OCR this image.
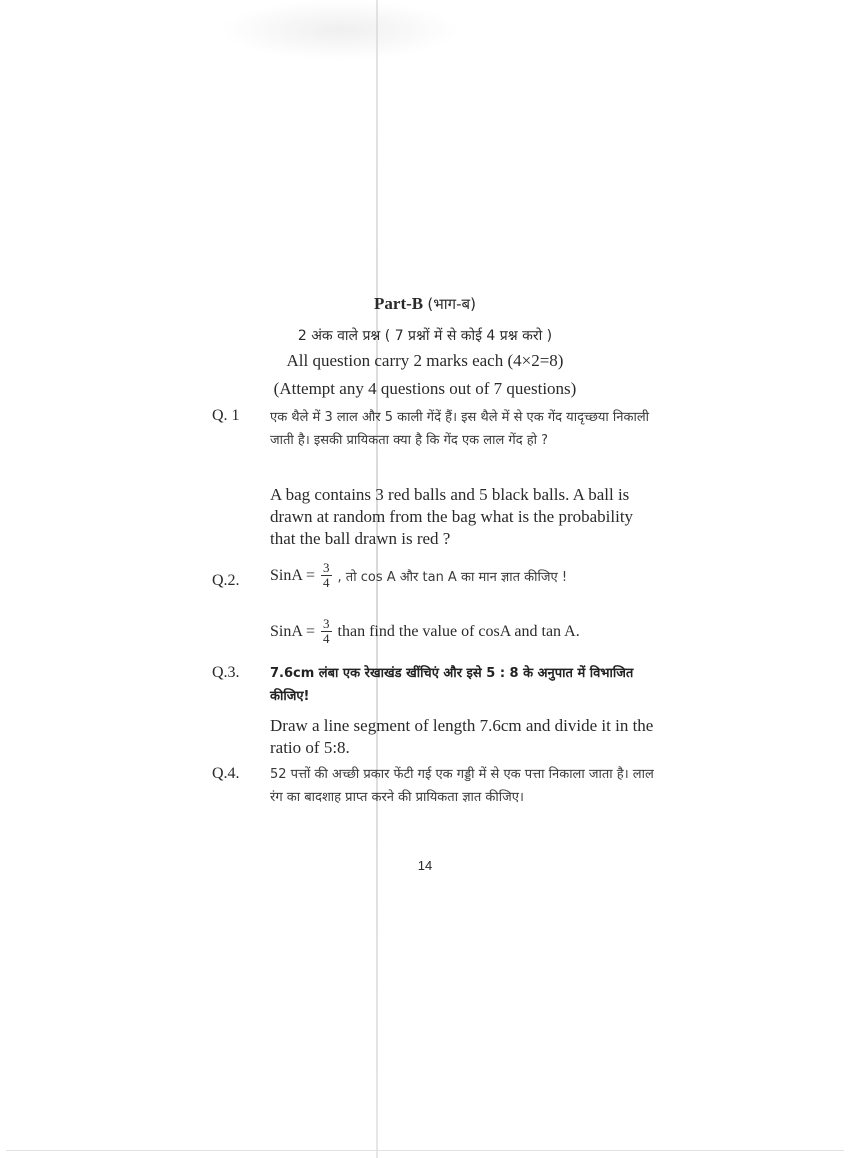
Part-B (भाग-ब)
2 अंक वाले प्रश्न ( 7 प्रश्नों में से कोई 4 प्रश्न करो )
All question carry 2 marks each (4×2=8)
(Attempt any 4 questions out of 7 questions)
Q. 1	एक थैले में 3 लाल और 5 काली गेंदें हैं। इस थैले में से एक गेंद यादृच्छया निकाली जाती है। इसकी प्रायिकता क्या है कि गेंद एक लाल गेंद हो ?
A bag contains 3 red balls and 5 black balls. A ball is drawn at random from the bag what is the probability that the ball drawn is red ?
Q.2.	SinA = $\frac{3}{4}$ , तो cos A और tan A का मान ज्ञात कीजिए !
SinA = $\frac{3}{4}$ than find the value of cosA and tan A.
Q.3.	7.6cm लंबा एक रेखाखंड खींचिएं और इसे 5 : 8 के अनुपात में विभाजित कीजिए!
Draw a line segment of length 7.6cm and divide it in the ratio of 5:8.
Q.4.	52 पत्तों की अच्छी प्रकार फेंटी गई एक गड्डी में से एक पत्ता निकाला जाता है। लाल रंग का बादशाह प्राप्त करने की प्रायिकता ज्ञात कीजिए।
14
